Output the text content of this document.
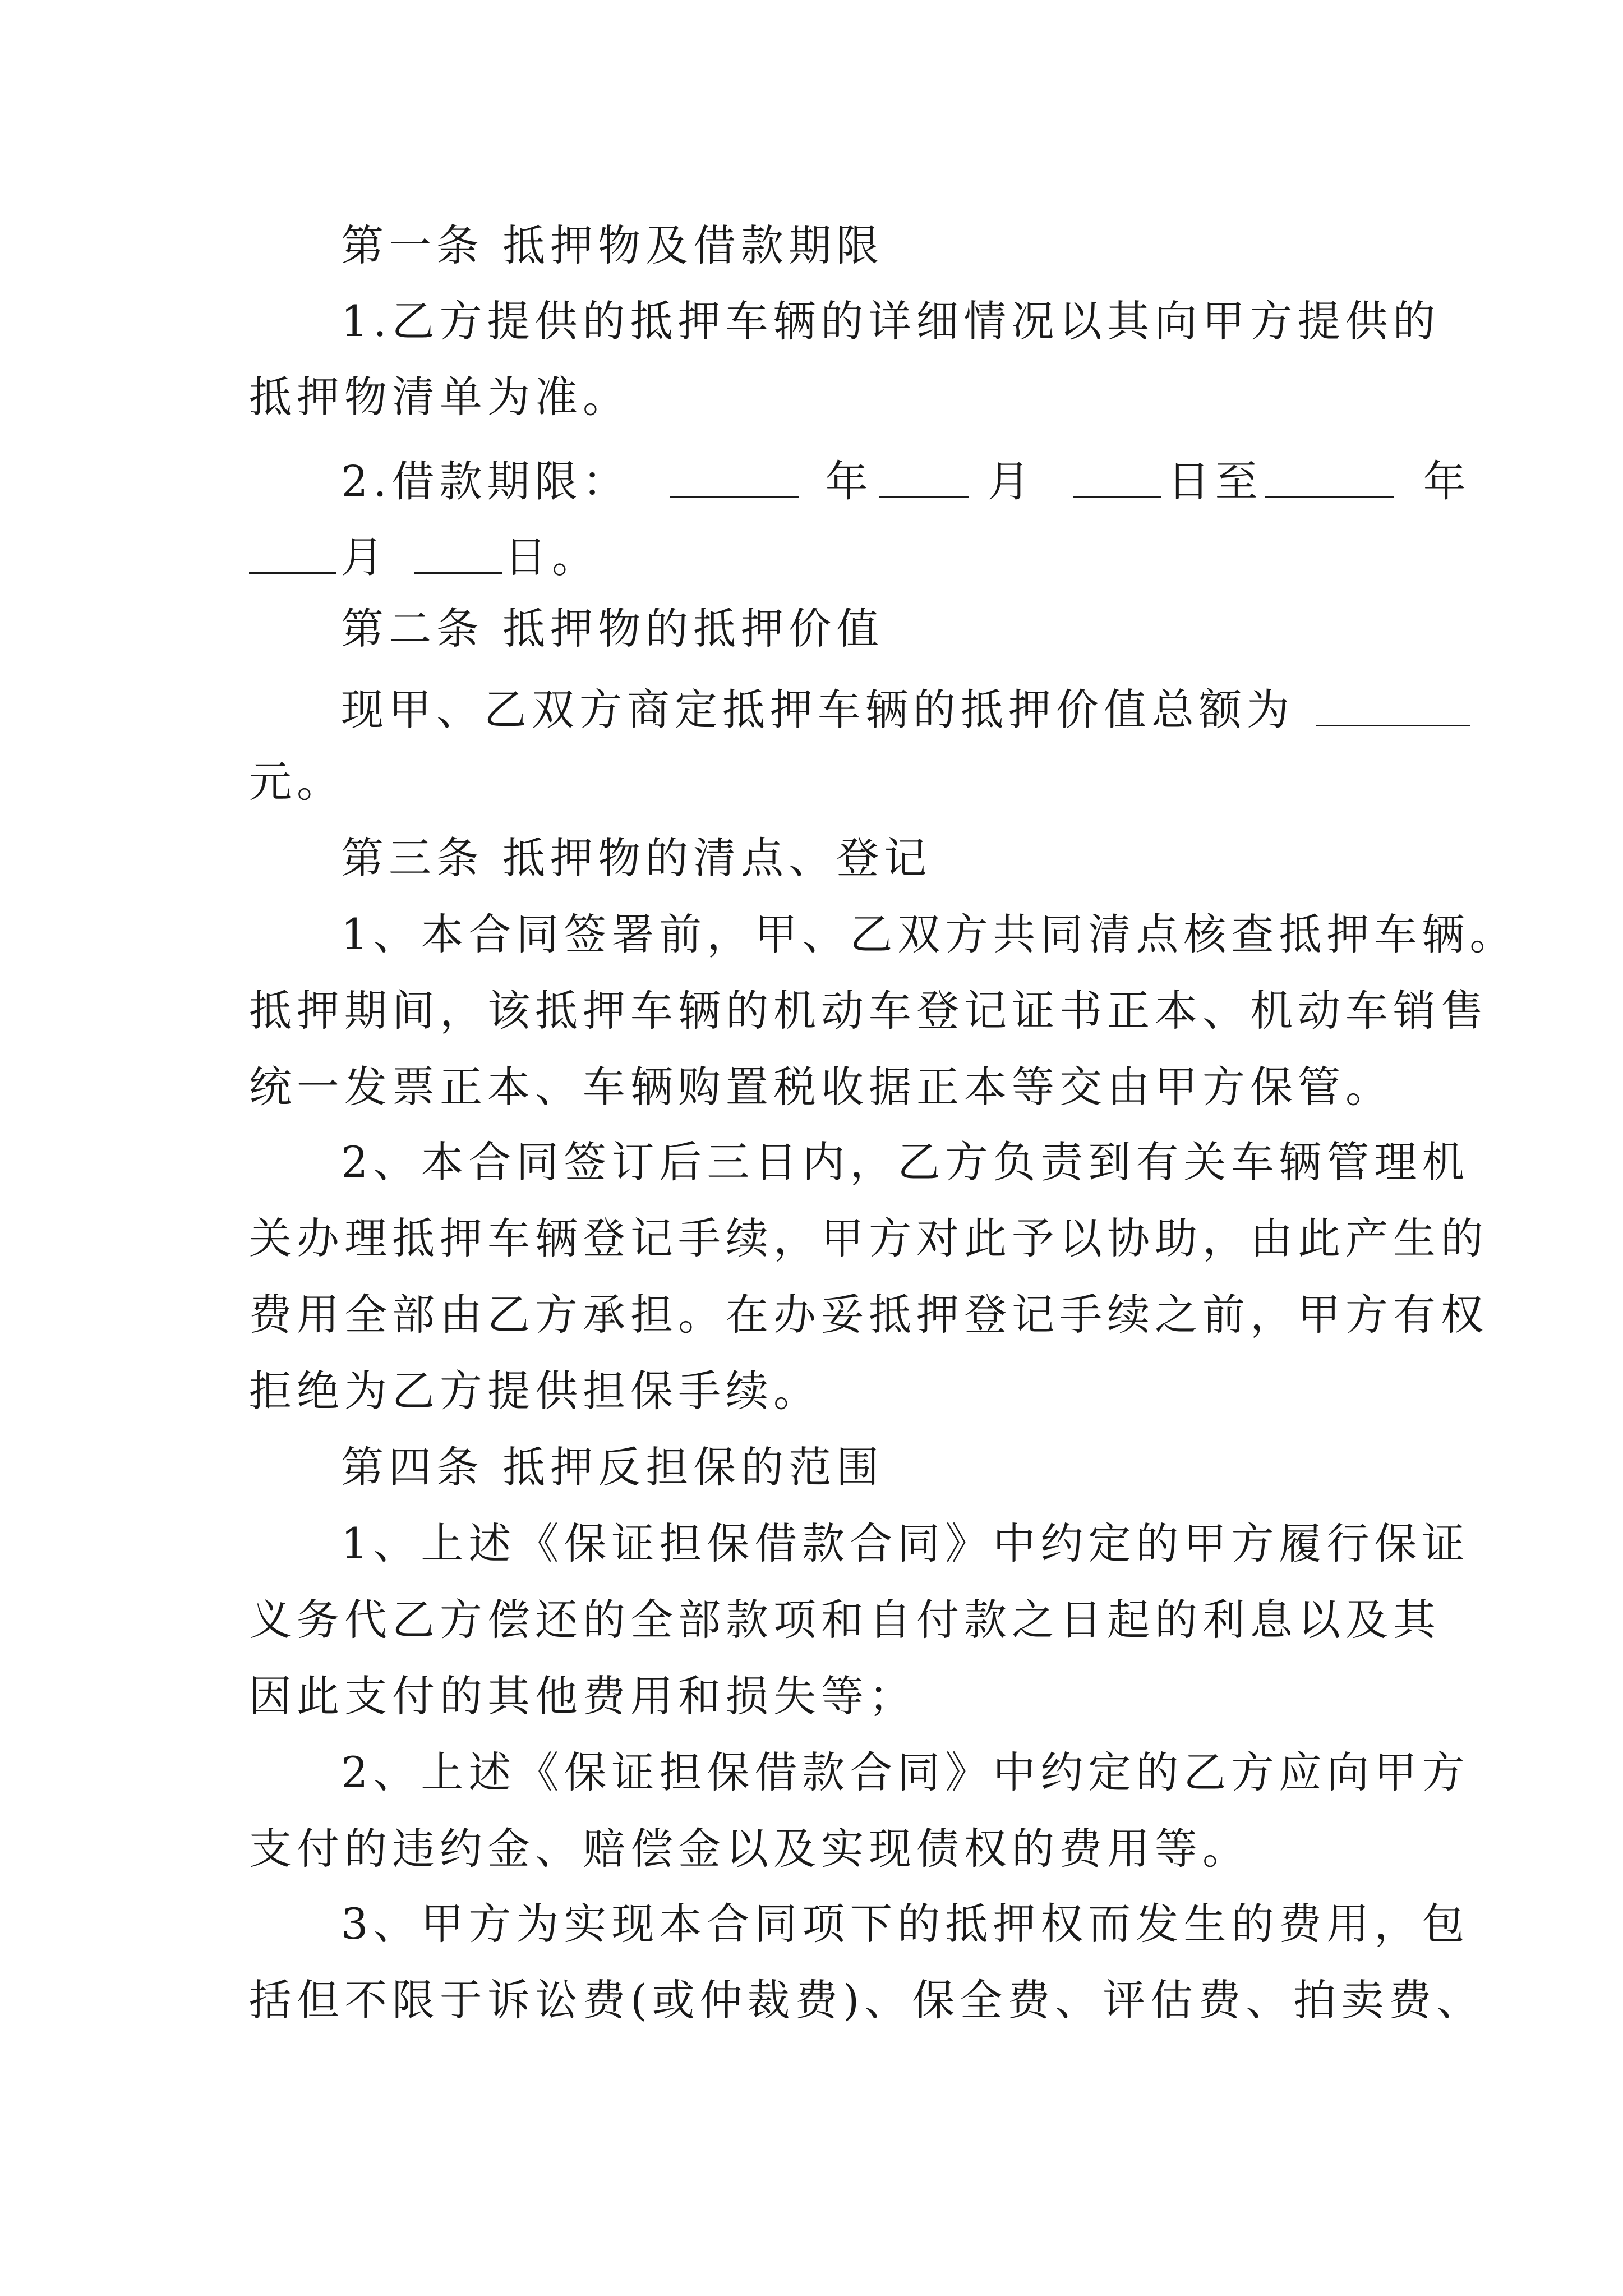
第一条 抵押物及借款期限
1.乙方提供的抵押车辆的详细情况以其向甲方提供的
抵押物清单为准。
第二条 抵押物的抵押价值
现甲、乙双方商定抵押车辆的抵押价值总额为
元。
第三条 抵押物的清点、登记
1、本合同签署前，甲、乙双方共同清点核查抵押车辆。
抵押期间，该抵押车辆的机动车登记证书正本、机动车销售
统一发票正本、车辆购置税收据正本等交由甲方保管。
2、本合同签订后三日内，乙方负责到有关车辆管理机
关办理抵押车辆登记手续，甲方对此予以协助，由此产生的
费用全部由乙方承担。在办妥抵押登记手续之前，甲方有权
拒绝为乙方提供担保手续。
第四条 抵押反担保的范围
1、上述《保证担保借款合同》中约定的甲方履行保证
义务代乙方偿还的全部款项和自付款之日起的利息以及其
因此支付的其他费用和损失等；
2、上述《保证担保借款合同》中约定的乙方应向甲方
支付的违约金、赔偿金以及实现债权的费用等。
3、甲方为实现本合同项下的抵押权而发生的费用，包
括但不限于诉讼费(或仲裁费)、保全费、评估费、拍卖费、
2.借款期限：	年	月	日至	年
月	日。
